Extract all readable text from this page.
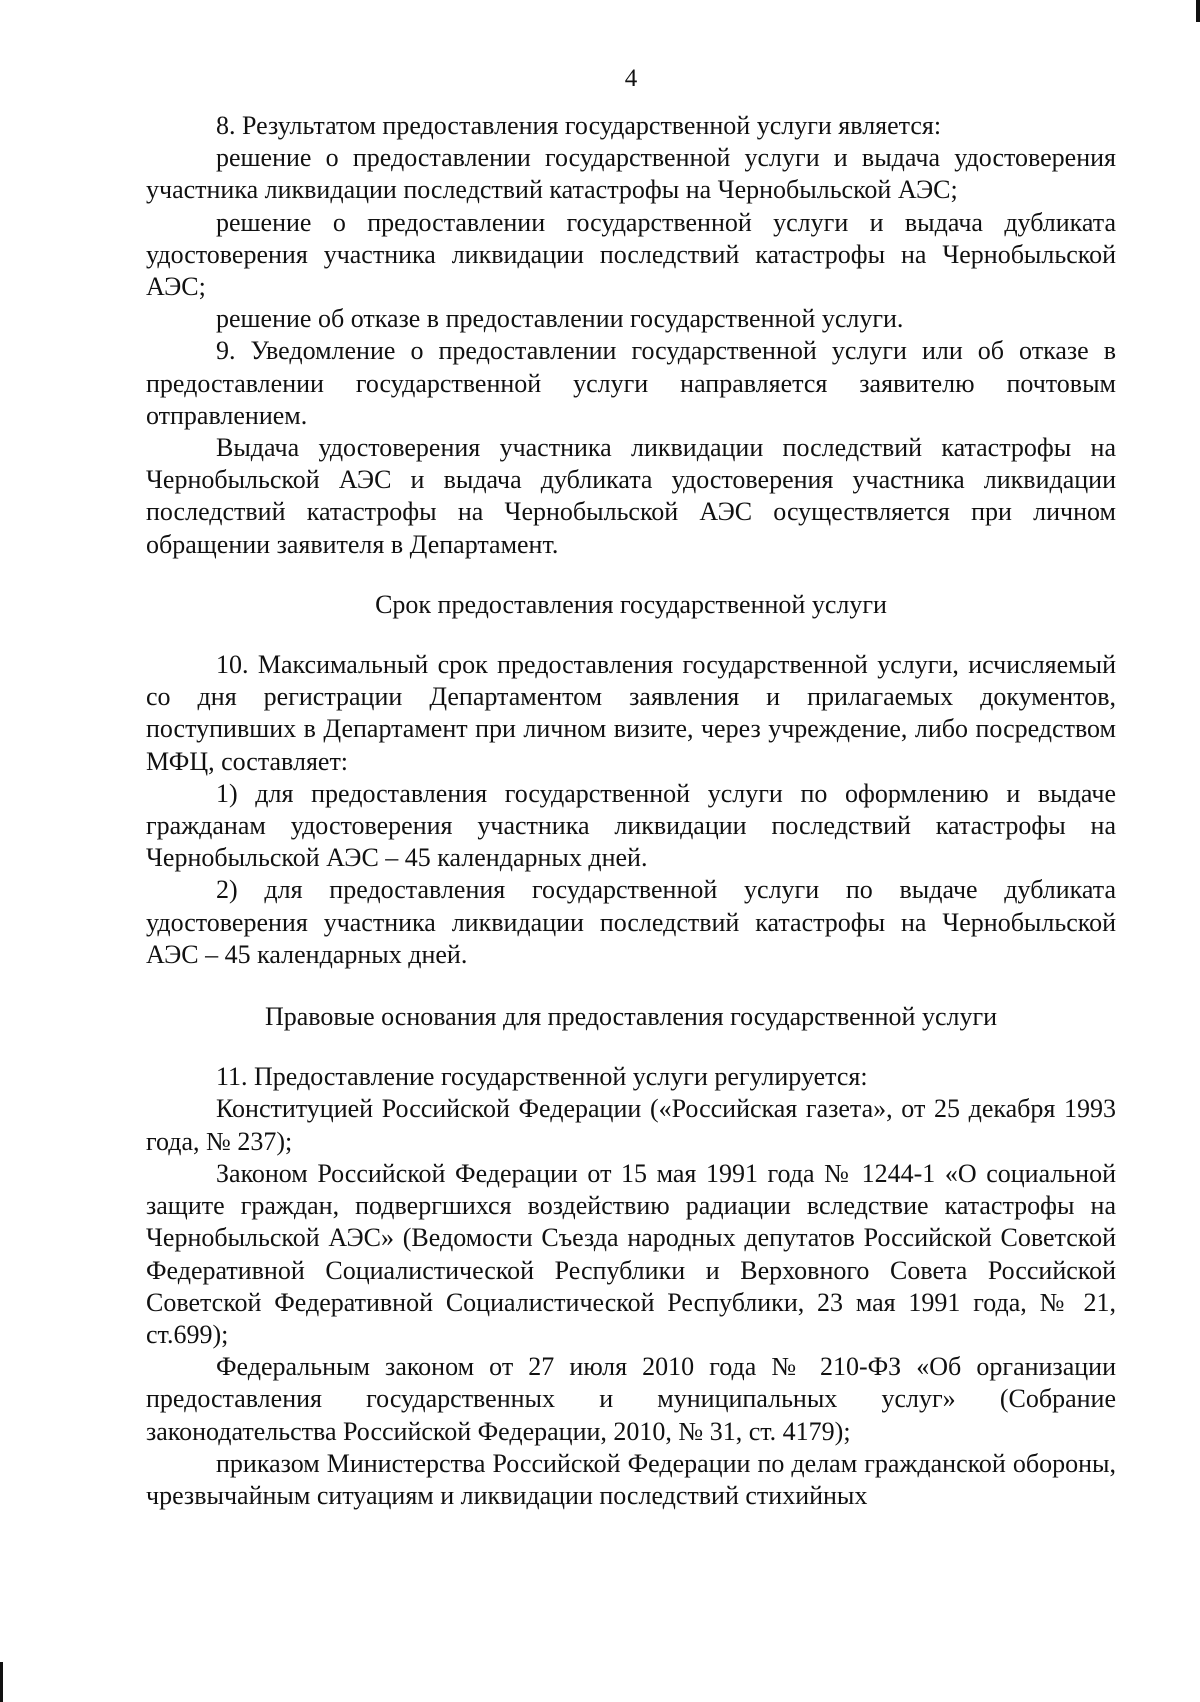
4

8. Результатом предоставления государственной услуги является:

решение о предоставлении государственной услуги и выдача удостоверения участника ликвидации последствий катастрофы на Чернобыльской АЭС;

решение о предоставлении государственной услуги и выдача дубликата удостоверения участника ликвидации последствий катастрофы на Чернобыльской АЭС;

решение об отказе в предоставлении государственной услуги.

9. Уведомление о предоставлении государственной услуги или об отказе в предоставлении государственной услуги направляется заявителю почтовым отправлением.

Выдача удостоверения участника ликвидации последствий катастрофы на Чернобыльской АЭС и выдача дубликата удостоверения участника ликвидации последствий катастрофы на Чернобыльской АЭС осуществляется при личном обращении заявителя в Департамент.

Срок предоставления государственной услуги

10. Максимальный срок предоставления государственной услуги, исчисляемый со дня регистрации Департаментом заявления и прилагаемых документов, поступивших в Департамент при личном визите, через учреждение, либо посредством МФЦ, составляет:

1) для предоставления государственной услуги по оформлению и выдаче гражданам удостоверения участника ликвидации последствий катастрофы на Чернобыльской АЭС – 45 календарных дней.

2) для предоставления государственной услуги по выдаче дубликата удостоверения участника ликвидации последствий катастрофы на Чернобыльской АЭС – 45 календарных дней.

Правовые основания для предоставления государственной услуги

11. Предоставление государственной услуги регулируется:

Конституцией Российской Федерации («Российская газета», от 25 декабря 1993 года, № 237);

Законом Российской Федерации от 15 мая 1991 года № 1244-1 «О социальной защите граждан, подвергшихся воздействию радиации вследствие катастрофы на Чернобыльской АЭС» (Ведомости Съезда народных депутатов Российской Советской Федеративной Социалистической Республики и Верховного Совета Российской Советской Федеративной Социалистической Республики, 23 мая 1991 года, № 21, ст.699);

Федеральным законом от 27 июля 2010 года № 210-ФЗ «Об организации предоставления государственных и муниципальных услуг» (Собрание законодательства Российской Федерации, 2010, № 31, ст. 4179);

приказом Министерства Российской Федерации по делам гражданской обороны, чрезвычайным ситуациям и ликвидации последствий стихийных
